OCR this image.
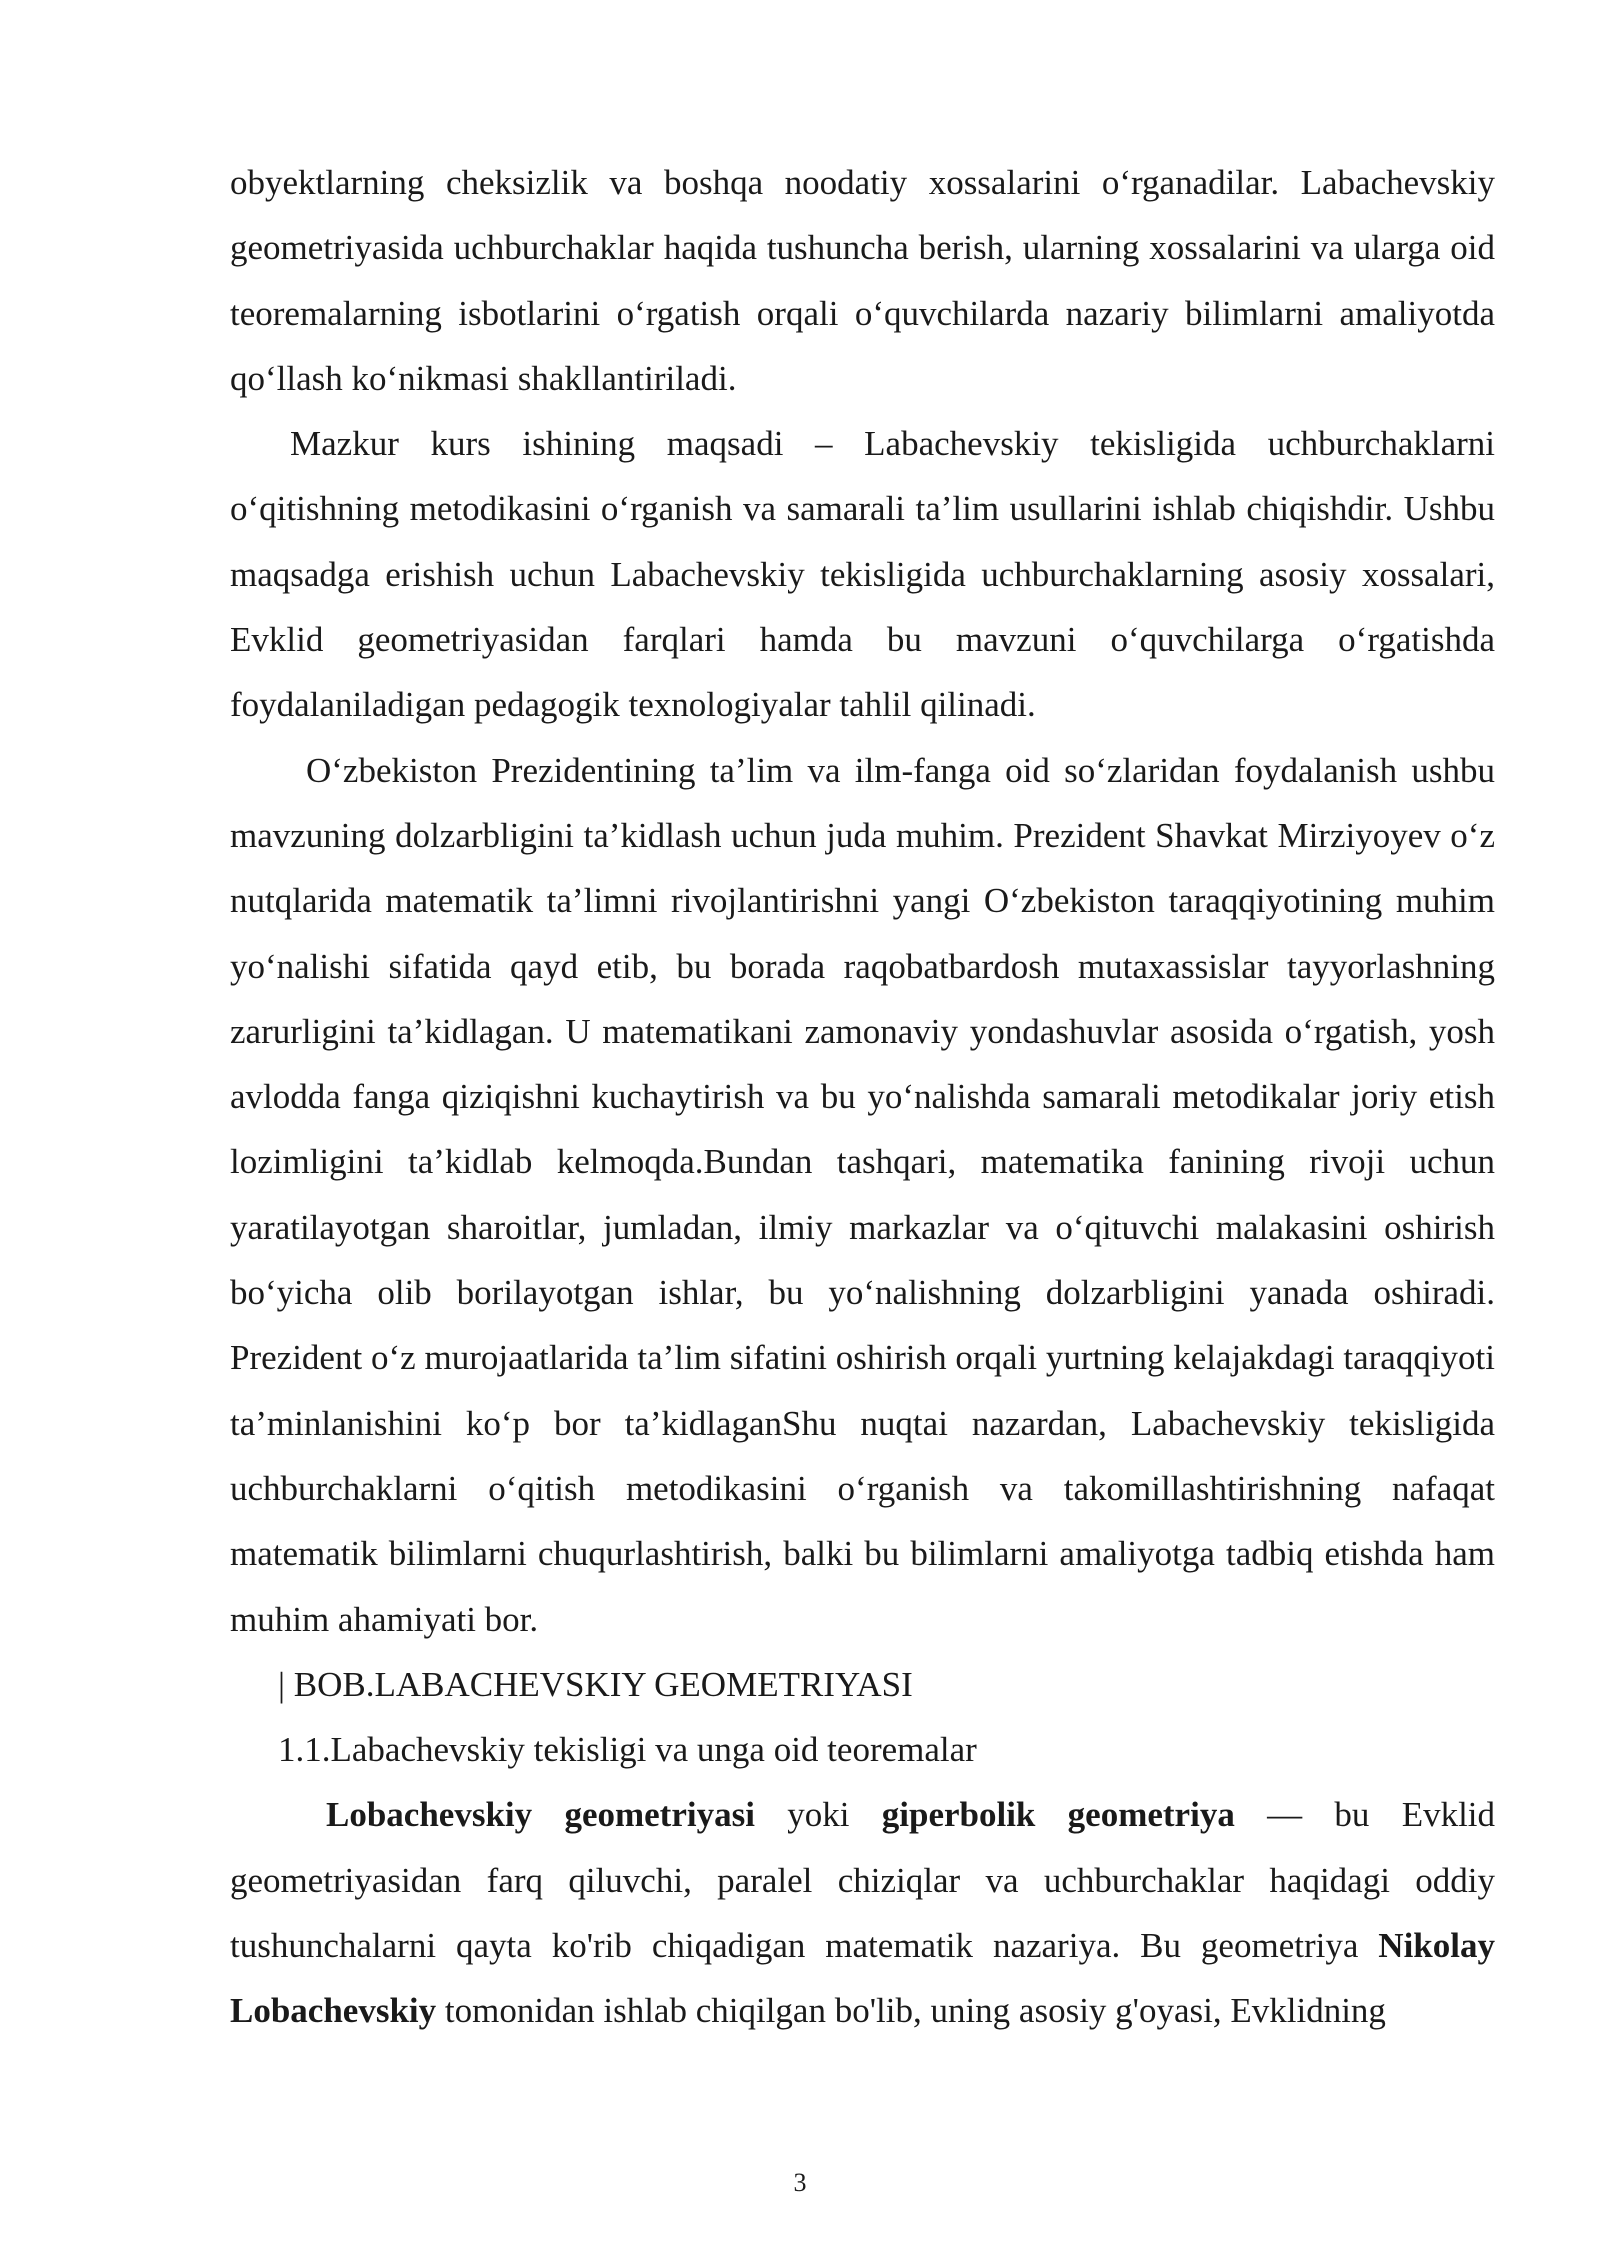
obyektlarning cheksizlik va boshqa noodatiy xossalarini o‘rganadilar. Labachevskiy geometriyasida uchburchaklar haqida tushuncha berish, ularning xossalarini va ularga oid teoremalarning isbotlarini o‘rgatish orqali o‘quvchilarda nazariy bilimlarni amaliyotda qo‘llash ko‘nikmasi shakllantiriladi.

Mazkur kurs ishining maqsadi – Labachevskiy tekisligida uchburchaklarni o‘qitishning metodikasini o‘rganish va samarali ta’lim usullarini ishlab chiqishdir. Ushbu maqsadga erishish uchun Labachevskiy tekisligida uchburchaklarning asosiy xossalari, Evklid geometriyasidan farqlari hamda bu mavzuni o‘quvchilarga o‘rgatishda foydalaniladigan pedagogik texnologiyalar tahlil qilinadi.

O‘zbekiston Prezidentining ta’lim va ilm-fanga oid so‘zlaridan foydalanish ushbu mavzuning dolzarbligini ta’kidlash uchun juda muhim. Prezident Shavkat Mirziyoyev o‘z nutqlarida matematik ta’limni rivojlantirishni yangi O‘zbekiston taraqqiyotining muhim yo‘nalishi sifatida qayd etib, bu borada raqobatbardosh mutaxassislar tayyorlashning zarurligini ta’kidlagan. U matematikani zamonaviy yondashuvlar asosida o‘rgatish, yosh avlodda fanga qiziqishni kuchaytirish va bu yo‘nalishda samarali metodikalar joriy etish lozimligini ta’kidlab kelmoqda.Bundan tashqari, matematika fanining rivoji uchun yaratilayotgan sharoitlar, jumladan, ilmiy markazlar va o‘qituvchi malakasini oshirish bo‘yicha olib borilayotgan ishlar, bu yo‘nalishning dolzarbligini yanada oshiradi. Prezident o‘z murojaatlarida ta’lim sifatini oshirish orqali yurtning kelajakdagi taraqqiyoti ta’minlanishini ko‘p bor ta’kidlaganShu nuqtai nazardan, Labachevskiy tekisligida uchburchaklarni o‘qitish metodikasini o‘rganish va takomillashtirishning nafaqat matematik bilimlarni chuqurlashtirish, balki bu bilimlarni amaliyotga tadbiq etishda ham muhim ahamiyati bor.

| BOB.LABACHEVSKIY GEOMETRIYASI

1.1.Labachevskiy tekisligi va unga oid teoremalar

Lobachevskiy geometriyasi yoki giperbolik geometriya — bu Evklid geometriyasidan farq qiluvchi, paralel chiziqlar va uchburchaklar haqidagi oddiy tushunchalarni qayta ko'rib chiqadigan matematik nazariya. Bu geometriya Nikolay Lobachevskiy tomonidan ishlab chiqilgan bo'lib, uning asosiy g'oyasi, Evklidning

3
